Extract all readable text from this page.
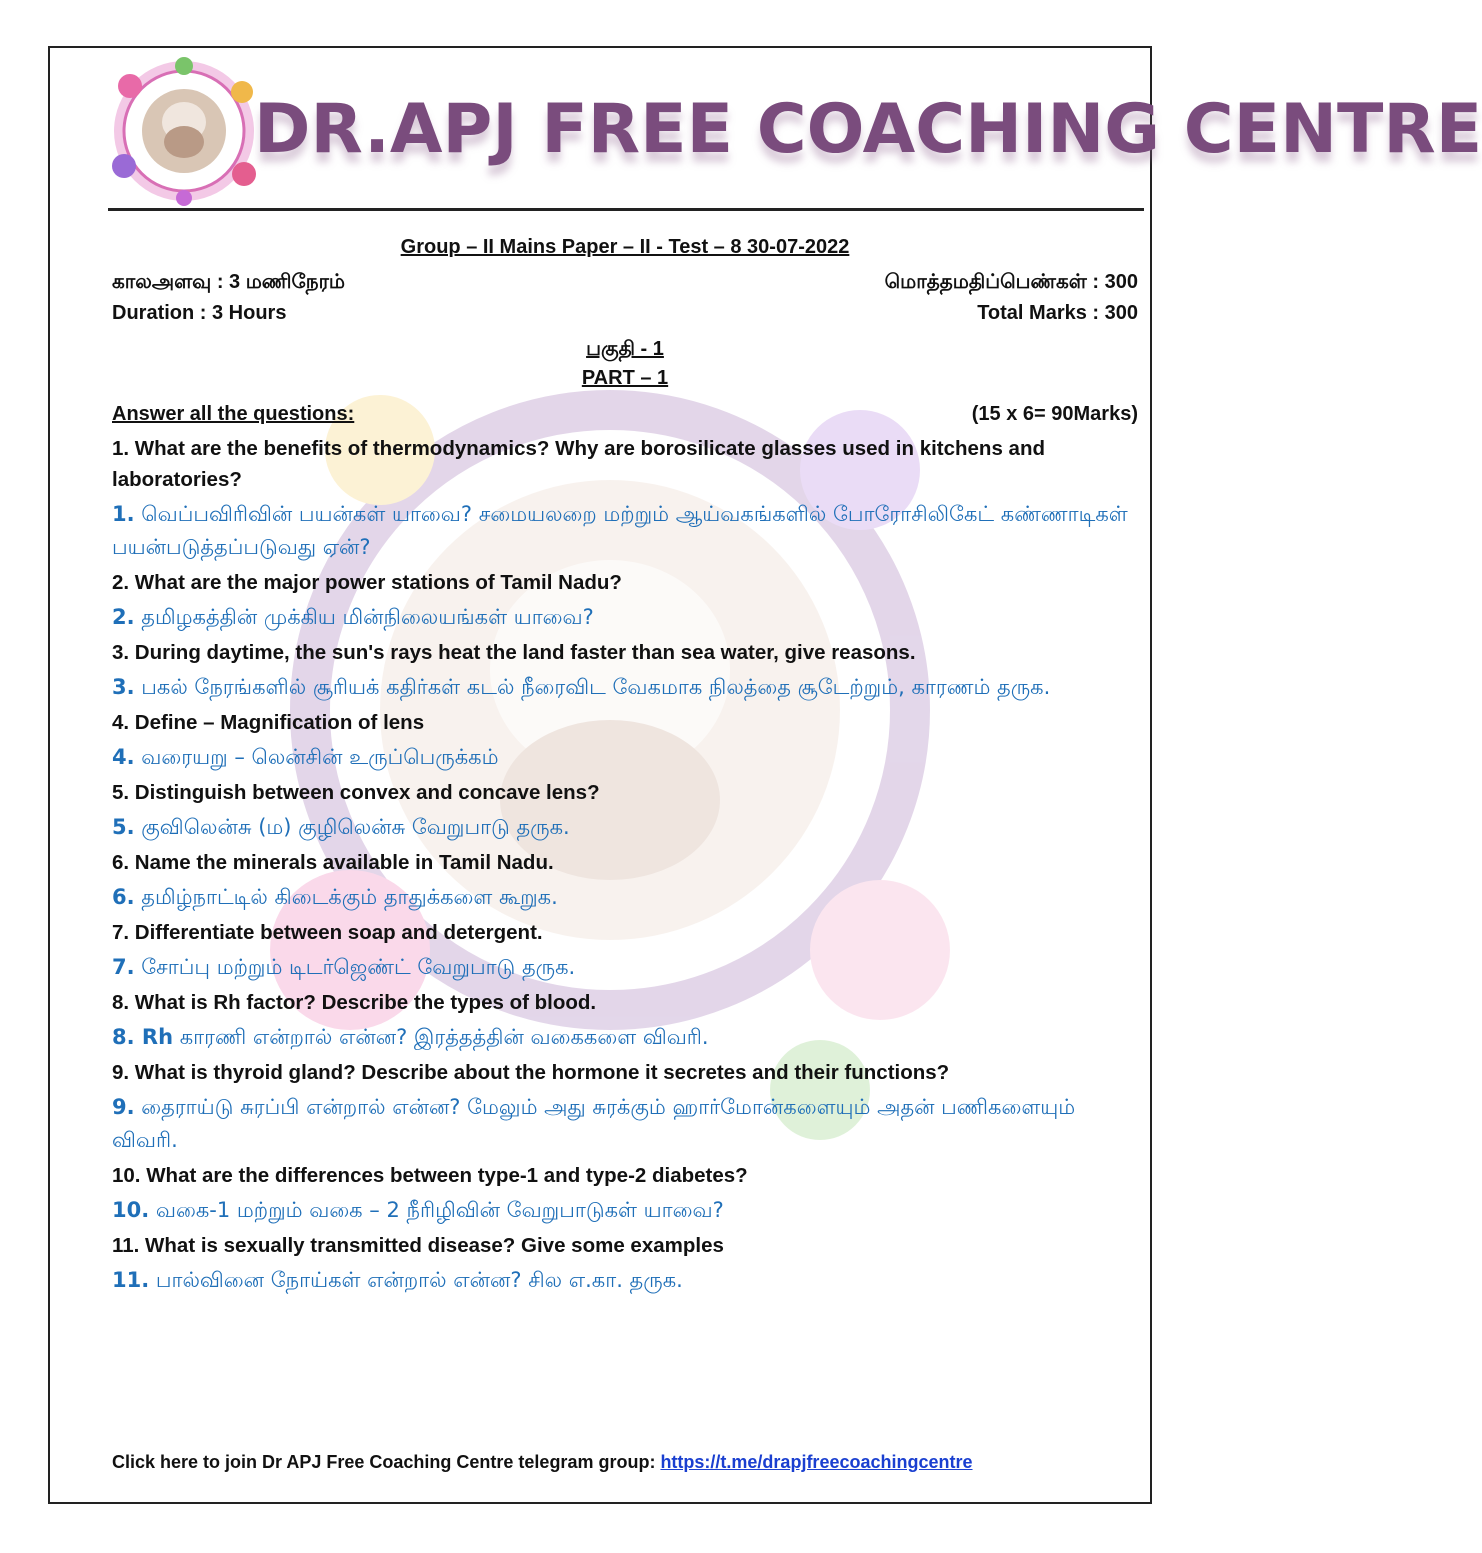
DR.APJ FREE COACHING CENTRE
Group – II Mains Paper – II - Test – 8 30-07-2022
காலஅளவு : 3 மணிநேரம்	மொத்தமதிப்பெண்கள் : 300
Duration : 3 Hours	Total Marks : 300
பகுதி - 1
PART – 1
Answer all the questions:	(15 x 6= 90Marks)
1. What are the benefits of thermodynamics? Why are borosilicate glasses used in kitchens and laboratories?
1. வெப்பவிரிவின் பயன்கள் யாவை? சமையலறை மற்றும் ஆய்வகங்களில் போரோசிலிகேட் கண்ணாடிகள் பயன்படுத்தப்படுவது ஏன்?
2. What are the major power stations of Tamil Nadu?
2. தமிழகத்தின் முக்கிய மின்நிலையங்கள் யாவை?
3. During daytime, the sun's rays heat the land faster than sea water, give reasons.
3. பகல் நேரங்களில் சூரியக் கதிர்கள் கடல் நீரைவிட வேகமாக நிலத்தை சூடேற்றும், காரணம் தருக.
4. Define – Magnification of lens
4. வரையறு – லென்சின் உருப்பெருக்கம்
5. Distinguish between convex and concave lens?
5. குவிலென்சு (ம) குழிலென்சு வேறுபாடு தருக.
6. Name the minerals available in Tamil Nadu.
6. தமிழ்நாட்டில் கிடைக்கும் தாதுக்களை கூறுக.
7. Differentiate between soap and detergent.
7. சோப்பு மற்றும் டிடர்ஜெண்ட் வேறுபாடு தருக.
8. What is Rh factor? Describe the types of blood.
8. Rh காரணி என்றால் என்ன? இரத்தத்தின் வகைகளை விவரி.
9. What is thyroid gland? Describe about the hormone it secretes and their functions?
9. தைராய்டு சுரப்பி என்றால் என்ன? மேலும் அது சுரக்கும் ஹார்மோன்களையும் அதன் பணிகளையும் விவரி.
10. What are the differences between type-1 and type-2 diabetes?
10. வகை-1 மற்றும் வகை – 2 நீரிழிவின் வேறுபாடுகள் யாவை?
11. What is sexually transmitted disease? Give some examples
11. பால்வினை நோய்கள் என்றால் என்ன? சில எ.கா. தருக.
Click here to join Dr APJ Free Coaching Centre telegram group: https://t.me/drapjfreecoachingcentre
